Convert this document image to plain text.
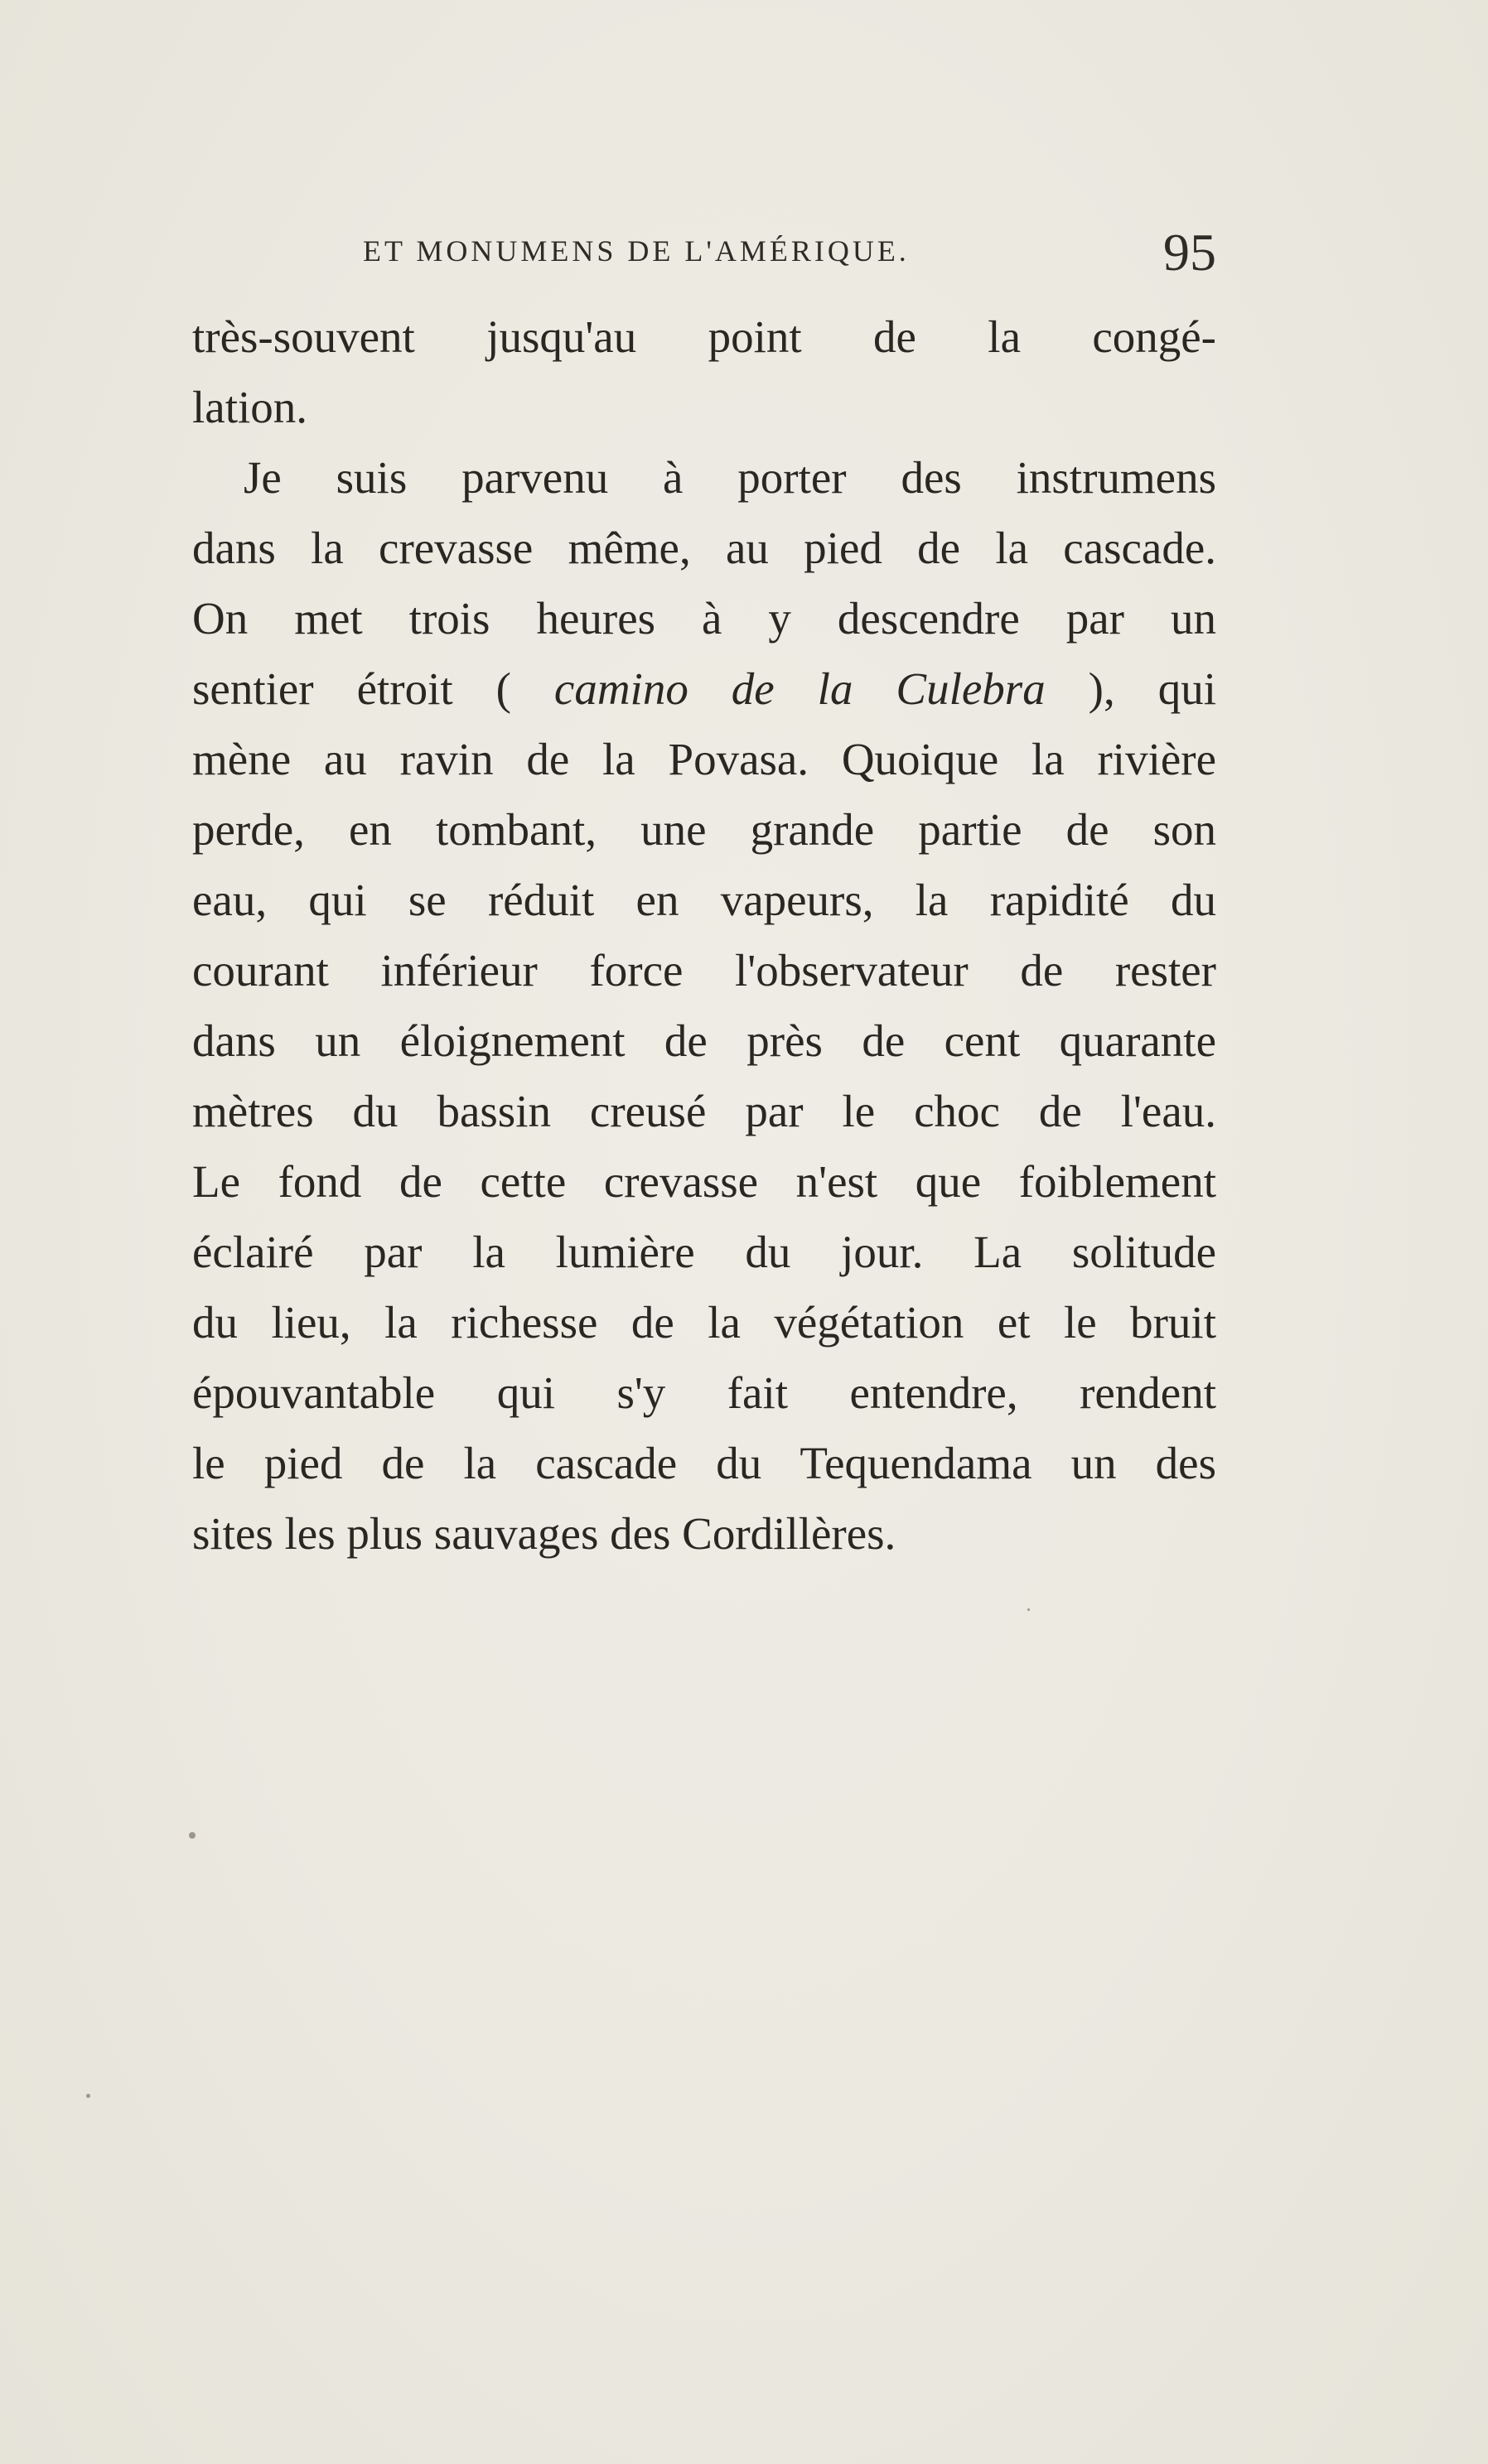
ET MONUMENS DE L'AMÉRIQUE.	95
très-souvent jusqu'au point de la congé-
lation.
Je suis parvenu à porter des instrumens
dans la crevasse même, au pied de la cascade.
On met trois heures à y descendre par un
sentier étroit ( camino de la Culebra ), qui
mène au ravin de la Povasa. Quoique la rivière
perde, en tombant, une grande partie de son
eau, qui se réduit en vapeurs, la rapidité du
courant inférieur force l'observateur de rester
dans un éloignement de près de cent quarante
mètres du bassin creusé par le choc de l'eau.
Le fond de cette crevasse n'est que foiblement
éclairé par la lumière du jour. La solitude
du lieu, la richesse de la végétation et le bruit
épouvantable qui s'y fait entendre, rendent
le pied de la cascade du Tequendama un des
sites les plus sauvages des Cordillères.
